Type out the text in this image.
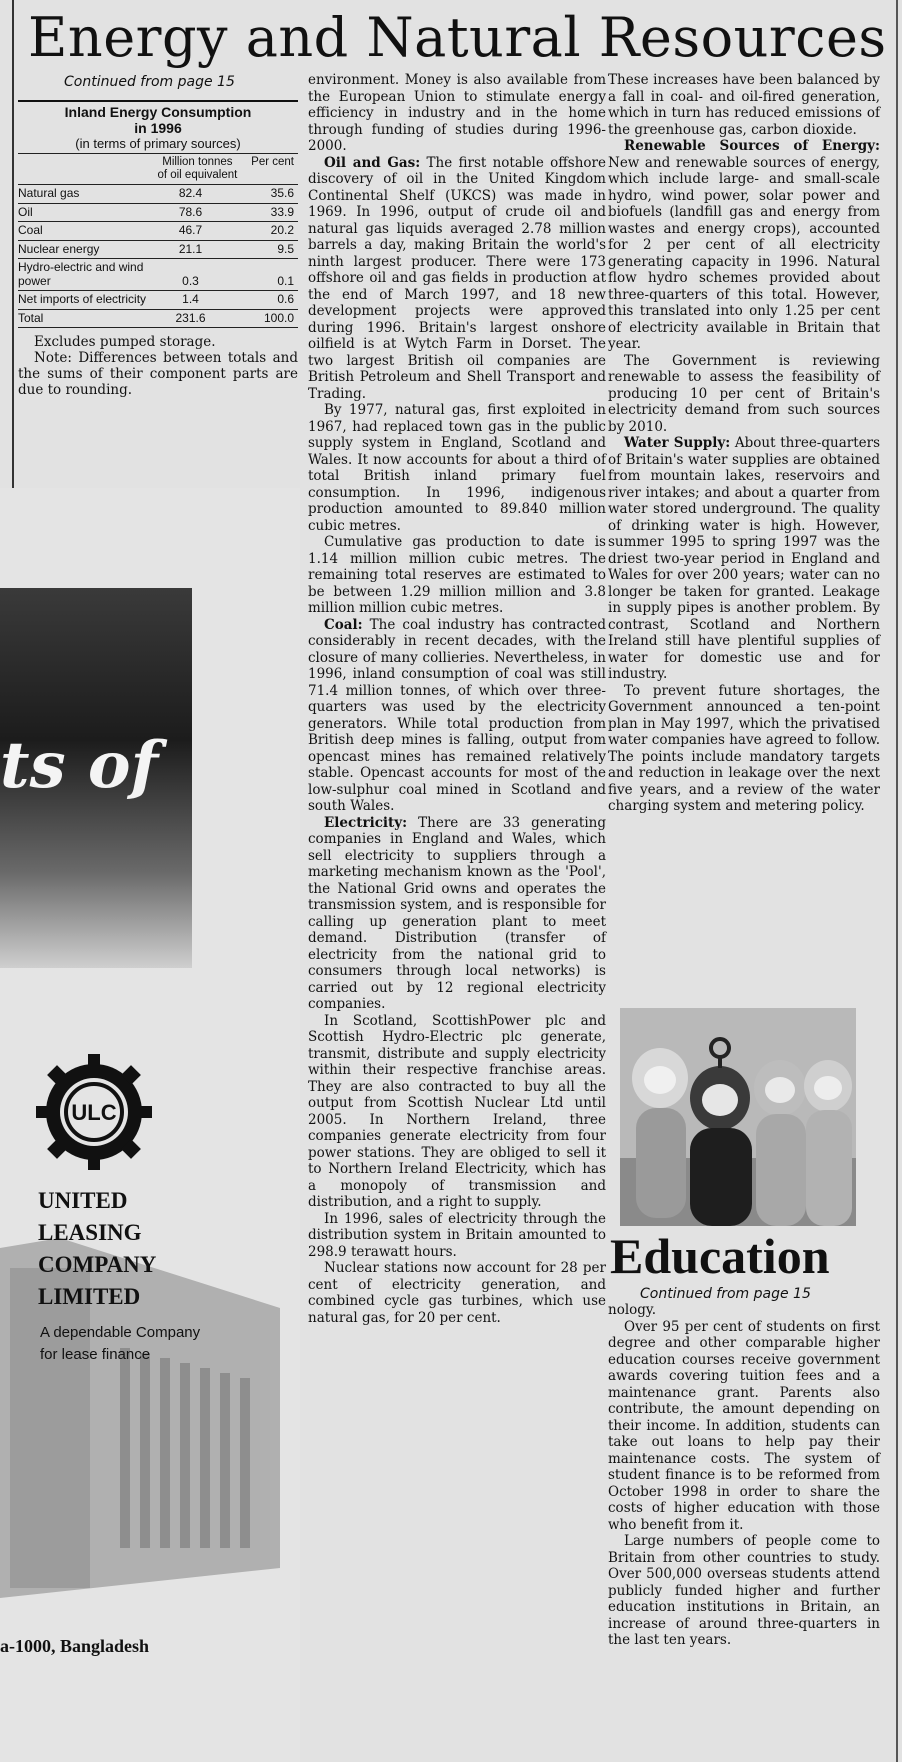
Energy and Natural Resources
Continued from page 15
Inland Energy Consumption
in 1996
(in terms of primary sources)
Million tonnes of oil equivalent
Per cent
Natural gas	82.4	35.6
Oil	78.6	33.9
Coal	46.7	20.2
Nuclear energy	21.1	9.5
Hydro-electric and wind power	0.3	0.1
Net imports of electricity	1.4	0.6
Total	231.6	100.0

Excludes pumped storage.

Note: Differences between totals and the sums of their component parts are due to rounding.

environment. Money is also available from the European Union to stimulate energy efficiency in industry and in the home through funding of studies during 1996-2000.

Oil and Gas: The first notable offshore discovery of oil in the United Kingdom Continental Shelf (UKCS) was made in 1969. In 1996, output of crude oil and natural gas liquids averaged 2.78 million barrels a day, making Britain the world's ninth largest producer. There were 173 offshore oil and gas fields in production at the end of March 1997, and 18 new development projects were approved during 1996. Britain's largest onshore oilfield is at Wytch Farm in Dorset. The two largest British oil companies are British Petroleum and Shell Transport and Trading.

By 1977, natural gas, first exploited in 1967, had replaced town gas in the public supply system in England, Scotland and Wales. It now accounts for about a third of total British inland primary fuel consumption. In 1996, indigenous production amounted to 89.840 million cubic metres.

Cumulative gas production to date is 1.14 million million cubic metres. The remaining total reserves are estimated to be between 1.29 million million and 3.8 million million cubic metres.

Coal: The coal industry has contracted considerably in recent decades, with the closure of many collieries. Nevertheless, in 1996, inland consumption of coal was still 71.4 million tonnes, of which over three-quarters was used by the electricity generators. While total production from British deep mines is falling, output from opencast mines has remained relatively stable. Opencast accounts for most of the low-sulphur coal mined in Scotland and south Wales.

Electricity: There are 33 generating companies in England and Wales, which sell electricity to suppliers through a marketing mechanism known as the 'Pool', the National Grid owns and operates the transmission system, and is responsible for calling up generation plant to meet demand. Distribution (transfer of electricity from the national grid to consumers through local networks) is carried out by 12 regional electricity companies.

In Scotland, ScottishPower plc and Scottish Hydro-Electric plc generate, transmit, distribute and supply electricity within their respective franchise areas. They are also contracted to buy all the output from Scottish Nuclear Ltd until 2005. In Northern Ireland, three companies generate electricity from four power stations. They are obliged to sell it to Northern Ireland Electricity, which has a monopoly of transmission and distribution, and a right to supply.

In 1996, sales of electricity through the distribution system in Britain amounted to 298.9 terawatt hours.

Nuclear stations now account for 28 per cent of electricity generation, and combined cycle gas turbines, which use natural gas, for 20 per cent.

These increases have been balanced by a fall in coal- and oil-fired generation, which in turn has reduced emissions of the greenhouse gas, carbon dioxide.

Renewable Sources of Energy: New and renewable sources of energy, which include large- and small-scale hydro, wind power, solar power and biofuels (landfill gas and energy from wastes and energy crops), accounted for 2 per cent of all electricity generating capacity in 1996. Natural flow hydro schemes provided about three-quarters of this total. However, this translated into only 1.25 per cent of electricity available in Britain that year.

The Government is reviewing renewable to assess the feasibility of producing 10 per cent of Britain's electricity demand from such sources by 2010.

Water Supply: About three-quarters of Britain's water supplies are obtained from mountain lakes, reservoirs and river intakes; and about a quarter from water stored underground. The quality of drinking water is high. However, summer 1995 to spring 1997 was the driest two-year period in England and Wales for over 200 years; water can no longer be taken for granted. Leakage in supply pipes is another problem. By contrast, Scotland and Northern Ireland still have plentiful supplies of water for domestic use and for industry.

To prevent future shortages, the Government announced a ten-point plan in May 1997, which the privatised water companies have agreed to follow. The points include mandatory targets and reduction in leakage over the next five years, and a review of the water charging system and metering policy.

Education
Continued from page 15

nology.

Over 95 per cent of students on first degree and other comparable higher education courses receive government awards covering tuition fees and a maintenance grant. Parents also contribute, the amount depending on their income. In addition, students can take out loans to help pay their maintenance costs. The system of student finance is to be reformed from October 1998 in order to share the costs of higher education with those who benefit from it.

Large numbers of people come to Britain from other countries to study. Over 500,000 overseas students attend publicly funded higher and further education institutions in Britain, an increase of around three-quarters in the last ten years.

ts of
ULC
UNITED
LEASING
COMPANY
LIMITED
A dependable Company for lease finance
a-1000, Bangladesh
